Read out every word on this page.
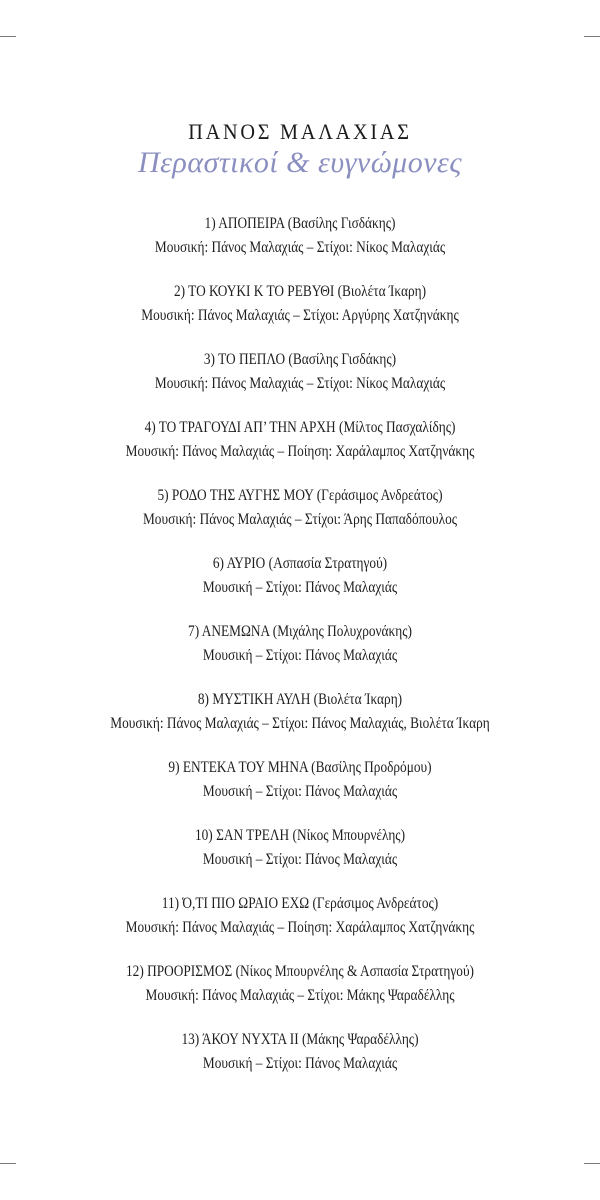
ΠΑΝΟΣ ΜΑΛΑΧΙΑΣ
Περαστικοί & ευγνώμονες
1) ΑΠΟΠΕΙΡΑ (Βασίλης Γισδάκης)
Μουσική: Πάνος Μαλαχιάς – Στίχοι: Νίκος Μαλαχιάς
2) ΤΟ ΚΟΥΚΙ Κ ΤΟ ΡΕΒΥΘΙ (Βιολέτα Ίκαρη)
Μουσική: Πάνος Μαλαχιάς – Στίχοι: Αργύρης Χατζηνάκης
3) ΤΟ ΠΕΠΛΟ (Βασίλης Γισδάκης)
Μουσική: Πάνος Μαλαχιάς – Στίχοι: Νίκος Μαλαχιάς
4) ΤΟ ΤΡΑΓΟΥΔΙ ΑΠ’ ΤΗΝ ΑΡΧΗ (Μίλτος Πασχαλίδης)
Μουσική: Πάνος Μαλαχιάς – Ποίηση: Χαράλαμπος Χατζηνάκης
5) ΡΟΔΟ ΤΗΣ ΑΥΓΗΣ ΜΟΥ (Γεράσιμος Ανδρεάτος)
Μουσική: Πάνος Μαλαχιάς – Στίχοι: Άρης Παπαδόπουλος
6) ΑΥΡΙΟ (Ασπασία Στρατηγού)
Μουσική – Στίχοι: Πάνος Μαλαχιάς
7) ΑΝΕΜΩΝΑ (Μιχάλης Πολυχρονάκης)
Μουσική – Στίχοι: Πάνος Μαλαχιάς
8) ΜΥΣΤΙΚΗ ΑΥΛΗ (Βιολέτα Ίκαρη)
Μουσική: Πάνος Μαλαχιάς – Στίχοι: Πάνος Μαλαχιάς, Βιολέτα Ίκαρη
9) ΕΝΤΕΚΑ ΤΟΥ ΜΗΝΑ (Βασίλης Προδρόμου)
Μουσική – Στίχοι: Πάνος Μαλαχιάς
10) ΣΑΝ ΤΡΕΛΗ (Νίκος Μπουρνέλης)
Μουσική – Στίχοι: Πάνος Μαλαχιάς
11) Ό,ΤΙ ΠΙΟ ΩΡΑΙΟ ΕΧΩ (Γεράσιμος Ανδρεάτος)
Μουσική: Πάνος Μαλαχιάς – Ποίηση: Χαράλαμπος Χατζηνάκης
12) ΠΡΟΟΡΙΣΜΟΣ (Νίκος Μπουρνέλης & Ασπασία Στρατηγού)
Μουσική: Πάνος Μαλαχιάς – Στίχοι: Μάκης Ψαραδέλλης
13) ΆΚΟΥ ΝΥΧΤΑ ΙΙ (Μάκης Ψαραδέλλης)
Μουσική – Στίχοι: Πάνος Μαλαχιάς
